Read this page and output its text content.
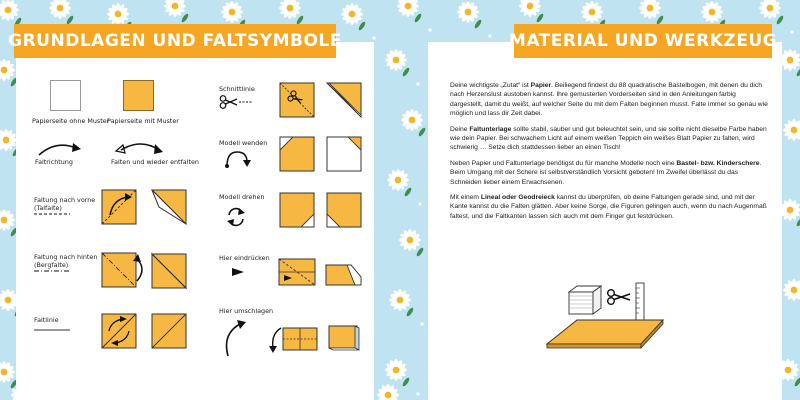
GRUNDLAGEN UND FALTSYMBOLE	MATERIAL UND WERKZEUG
Papierseite ohne Muster
Papierseite mit Muster
Faltrichtung	Falten und wieder entfalten
Faltung nach vorne
(Talfalte)
Faltung nach hinten
(Bergfalte)
Faltlinie
Schnittlinie
Modell wenden
Modell drehen
Hier eindrücken
Hier umschlagen

Deine wichtigste „Zutat“ ist Papier. Beiliegend findest du 88 quadratische Bastelbogen, mit denen du dich nach Herzenslust austoben kannst. Ihre gemusterten Vorderseiten sind in den Anleitungen farbig dargestellt, damit du weißt, auf welcher Seite du mit dem Falten beginnen musst. Falte immer so genau wie möglich und lass dir Zeit dabei.

Deine Faltunterlage sollte stabil, sauber und gut beleuchtet sein, und sie sollte nicht dieselbe Farbe haben wie dein Papier. Bei schwachem Licht auf einem weißen Teppich ein weißes Blatt Papier zu falten, wird schwierig … Setze dich stattdessen lieber an einen Tisch!

Neben Papier und Faltunterlage benötigst du für manche Modelle noch eine Bastel- bzw. Kinderschere. Beim Umgang mit der Schere ist selbstverständlich Vorsicht geboten! Im Zweifel überlässt du das Schneiden lieber einem Erwachsenen.

Mit einem Lineal oder Geodreieck kannst du überprüfen, ob deine Faltungen gerade sind, und mit der Kante kannst du die Falten glätten. Aber keine Sorge, die Figuren gelingen auch, wenn du nach Augenmaß faltest, und die Faltkanten lassen sich auch mit dem Finger gut festdrücken.
